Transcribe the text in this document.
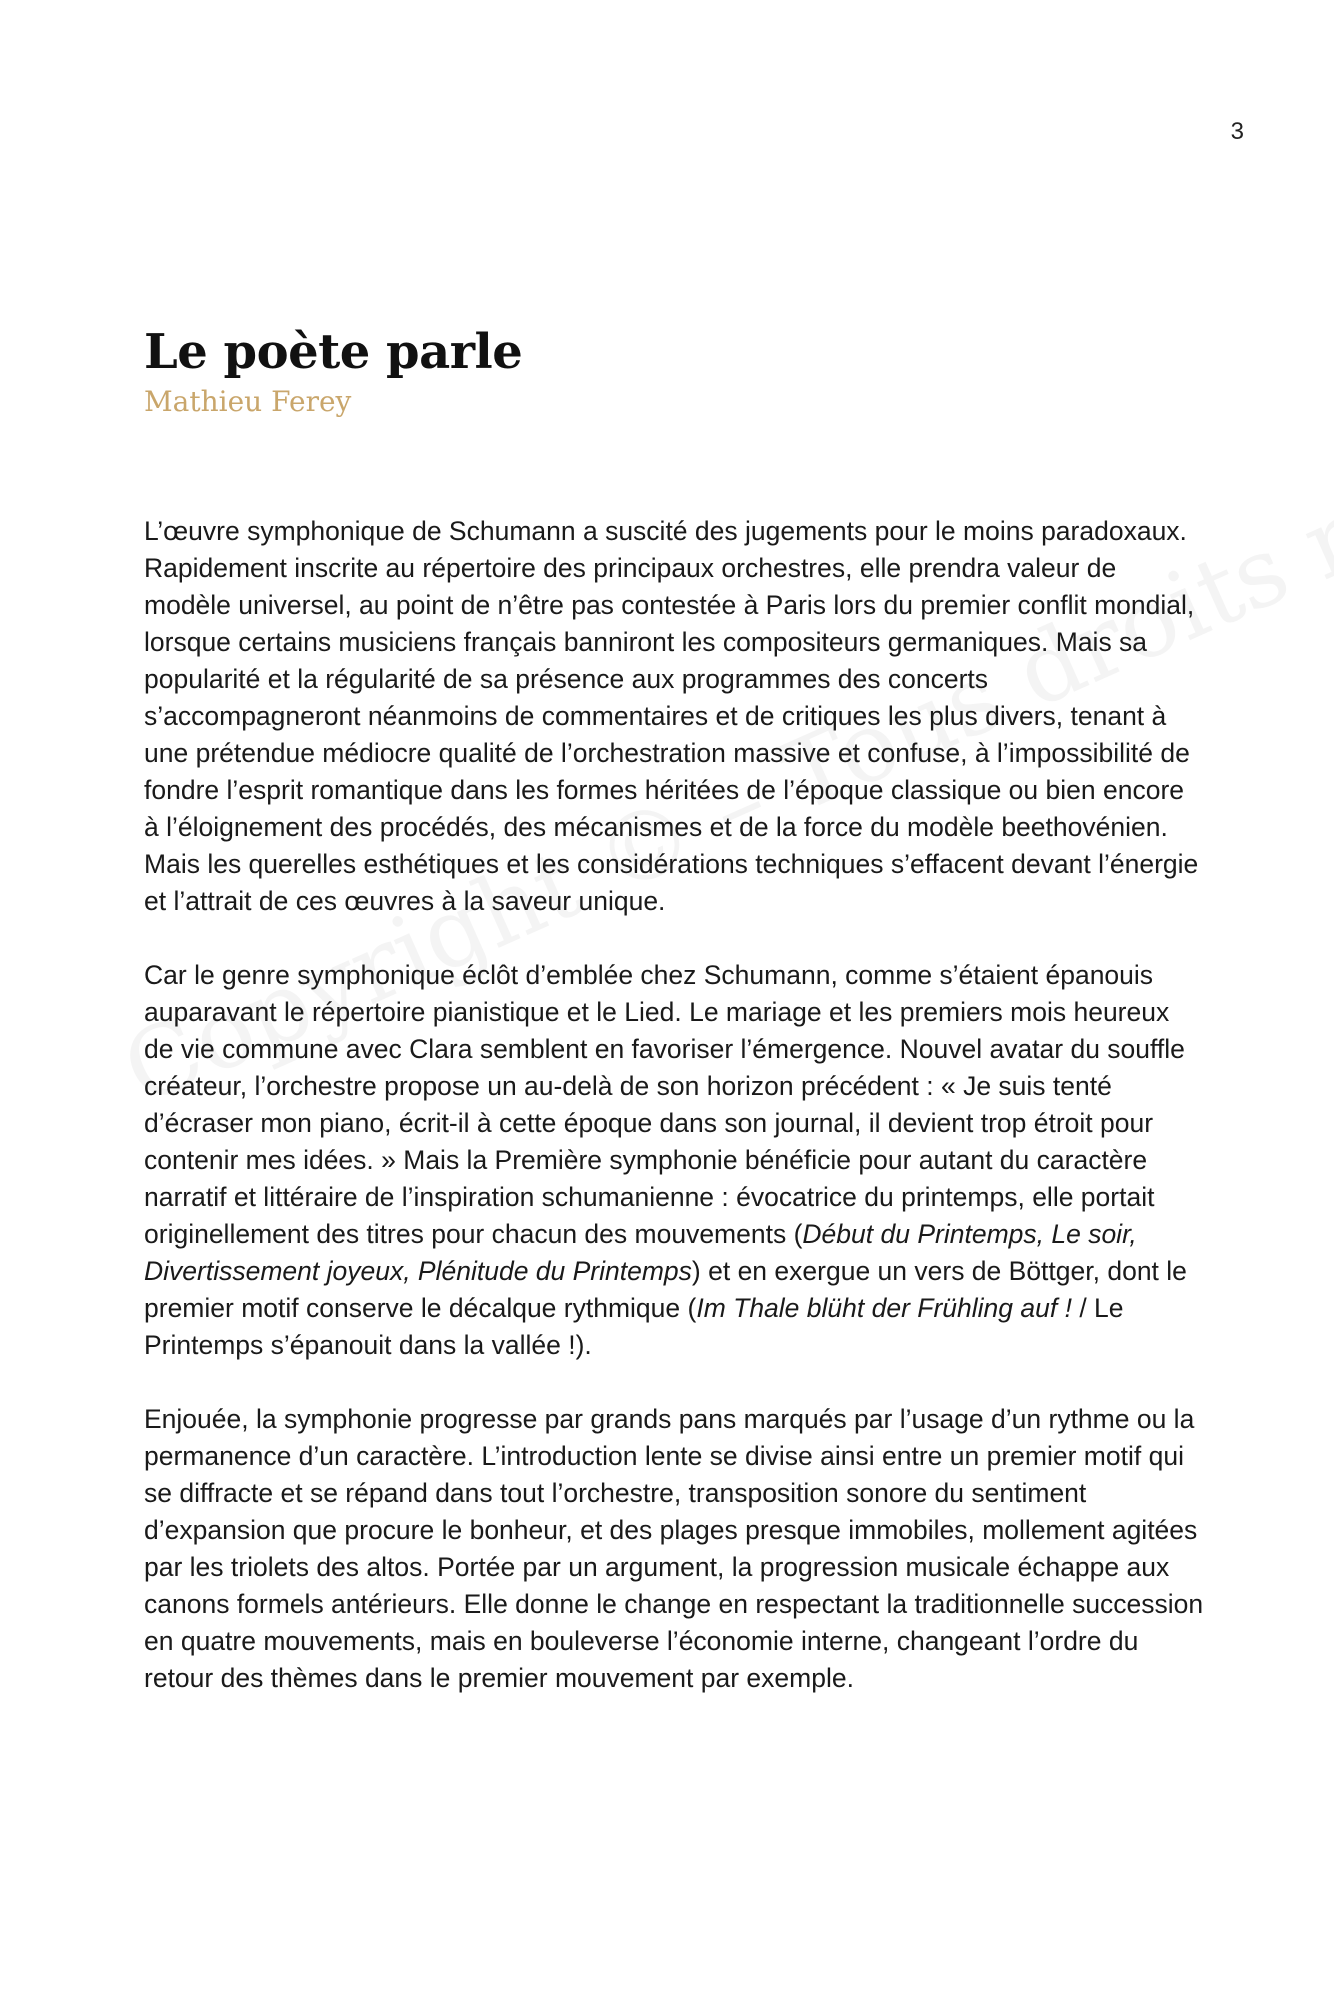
3
Le poète parle
Mathieu Ferey

L’œuvre symphonique de Schumann a suscité des jugements pour le moins paradoxaux. Rapidement inscrite au répertoire des principaux orchestres, elle prendra valeur de modèle universel, au point de n’être pas contestée à Paris lors du premier conflit mondial, lorsque certains musiciens français banniront les compositeurs germaniques. Mais sa popularité et la régularité de sa présence aux programmes des concerts s’accompagneront néanmoins de commentaires et de critiques les plus divers, tenant à une prétendue médiocre qualité de l’orchestration massive et confuse, à l’impossibilité de fondre l’esprit romantique dans les formes héritées de l’époque classique ou bien encore à l’éloignement des procédés, des mécanismes et de la force du modèle beethovénien. Mais les querelles esthétiques et les considérations techniques s’effacent devant l’énergie et l’attrait de ces œuvres à la saveur unique.

Car le genre symphonique éclôt d’emblée chez Schumann, comme s’étaient épanouis auparavant le répertoire pianistique et le Lied. Le mariage et les premiers mois heureux de vie commune avec Clara semblent en favoriser l’émergence. Nouvel avatar du souffle créateur, l’orchestre propose un au-delà de son horizon précédent : « Je suis tenté d’écraser mon piano, écrit-il à cette époque dans son journal, il devient trop étroit pour contenir mes idées. » Mais la Première symphonie bénéficie pour autant du caractère narratif et littéraire de l’inspiration schumanienne : évocatrice du printemps, elle portait originellement des titres pour chacun des mouvements (Début du Printemps, Le soir, Divertissement joyeux, Plénitude du Printemps) et en exergue un vers de Böttger, dont le premier motif conserve le décalque rythmique (Im Thale blüht der Frühling auf ! / Le Printemps s’épanouit dans la vallée !).

Enjouée, la symphonie progresse par grands pans marqués par l’usage d’un rythme ou la permanence d’un caractère. L’introduction lente se divise ainsi entre un premier motif qui se diffracte et se répand dans tout l’orchestre, transposition sonore du sentiment d’expansion que procure le bonheur, et des plages presque immobiles, mollement agitées par les triolets des altos. Portée par un argument, la progression musicale échappe aux canons formels antérieurs. Elle donne le change en respectant la traditionnelle succession en quatre mouvements, mais en bouleverse l’économie interne, changeant l’ordre du retour des thèmes dans le premier mouvement par exemple.
